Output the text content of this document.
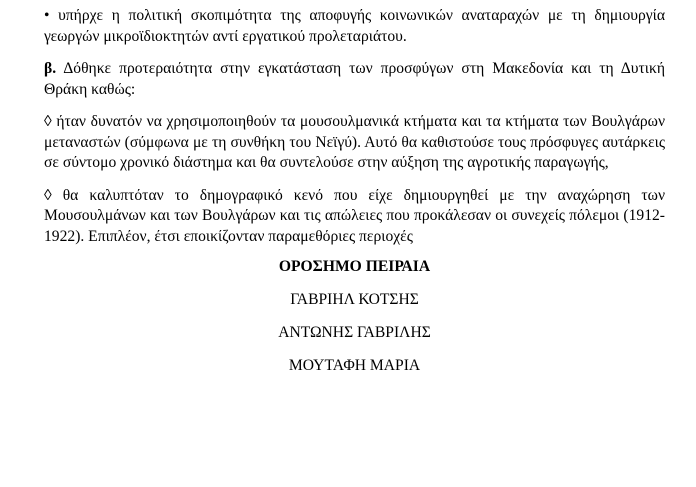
• υπήρχε η πολιτική σκοπιμότητα της αποφυγής κοινωνικών αναταραχών με τη δημιουργία γεωργών μικροϊδιοκτητών αντί εργατικού προλεταριάτου.

β. Δόθηκε προτεραιότητα στην εγκατάσταση των προσφύγων στη Μακεδονία και τη Δυτική Θράκη καθώς:

◊ ήταν δυνατόν να χρησιμοποιηθούν τα μουσουλμανικά κτήματα και τα κτήματα των Βουλγάρων μεταναστών (σύμφωνα με τη συνθήκη του Νεϊγύ). Αυτό θα καθιστούσε τους πρόσφυγες αυτάρκεις σε σύντομο χρονικό διάστημα και θα συντελούσε στην αύξηση της αγροτικής παραγωγής,

◊ θα καλυπτόταν το δημογραφικό κενό που είχε δημιουργηθεί με την αναχώρηση των Μουσουλμάνων και των Βουλγάρων και τις απώλειες που προκάλεσαν οι συνεχείς πόλεμοι (1912-1922). Επιπλέον, έτσι εποικίζονταν παραμεθόριες περιοχές

ΟΡΟΣΗΜΟ ΠΕΙΡΑΙΑ
ΓΑΒΡΙΗΛ ΚΟΤΣΗΣ
ΑΝΤΩΝΗΣ ΓΑΒΡΙΛΗΣ
ΜΟΥΤΑΦΗ ΜΑΡΙΑ
